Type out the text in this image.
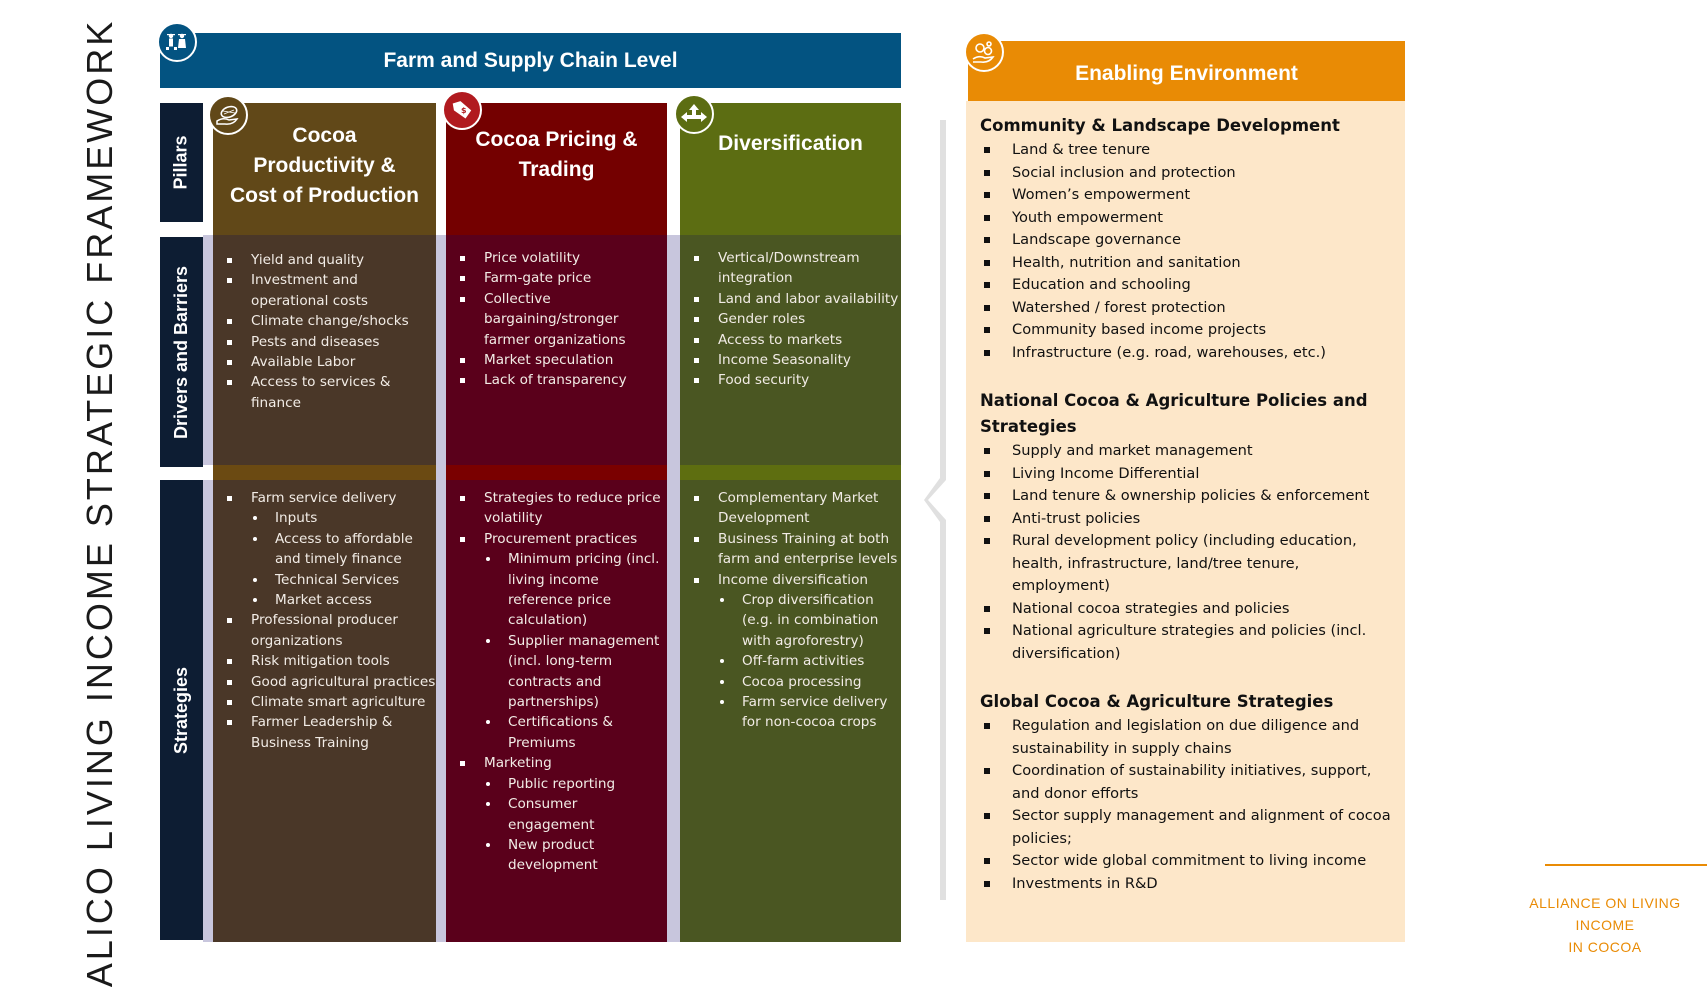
ALICO LIVING INCOME STRATEGIC FRAMEWORK	Farm and Supply Chain Level
Pillars
Drivers and Barriers
Strategies
Cocoa
Productivity &
Cost of Production
Yield and quality
Investment and operational costs
Climate change/shocks
Pests and diseases
Available Labor
Access to services & finance
Farm service delivery
Inputs
Access to affordable and timely finance
Technical Services
Market access
Professional producer organizations
Risk mitigation tools
Good agricultural practices
Climate smart agriculture
Farmer Leadership & Business Training
Cocoa Pricing &
Trading
$
Price volatility
Farm-gate price
Collective bargaining/stronger farmer organizations
Market speculation
Lack of transparency
Strategies to reduce price volatility
Procurement practices
Minimum pricing (incl. living income reference price calculation)
Supplier management (incl. long-term contracts and partnerships)
Certifications & Premiums
Marketing
Public reporting
Consumer engagement
New product development
Diversification
Vertical/Downstream integration
Land and labor availability
Gender roles
Access to markets
Income Seasonality
Food security
Complementary Market Development
Business Training at both farm and enterprise levels
Income diversification
Crop diversification (e.g. in combination with agroforestry)
Off-farm activities
Cocoa processing
Farm service delivery for non-cocoa crops
Enabling Environment
Community & Landscape Development
Land & tree tenure
Social inclusion and protection
Women’s empowerment
Youth empowerment
Landscape governance
Health, nutrition and sanitation
Education and schooling
Watershed / forest protection
Community based income projects
Infrastructure (e.g. road, warehouses, etc.)
National Cocoa & Agriculture Policies and Strategies
Supply and market management
Living Income Differential
Land tenure & ownership policies & enforcement
Anti-trust policies
Rural development policy (including education, health, infrastructure, land/tree tenure, employment)
National cocoa strategies and policies
National agriculture strategies and policies (incl. diversification)
Global Cocoa & Agriculture Strategies
Regulation and legislation on due diligence and sustainability in supply chains
Coordination of sustainability initiatives, support, and donor efforts
Sector supply management and alignment of cocoa policies;
Sector wide global commitment to living income
Investments in R&D
ALLIANCE ON LIVING INCOME
IN COCOA
